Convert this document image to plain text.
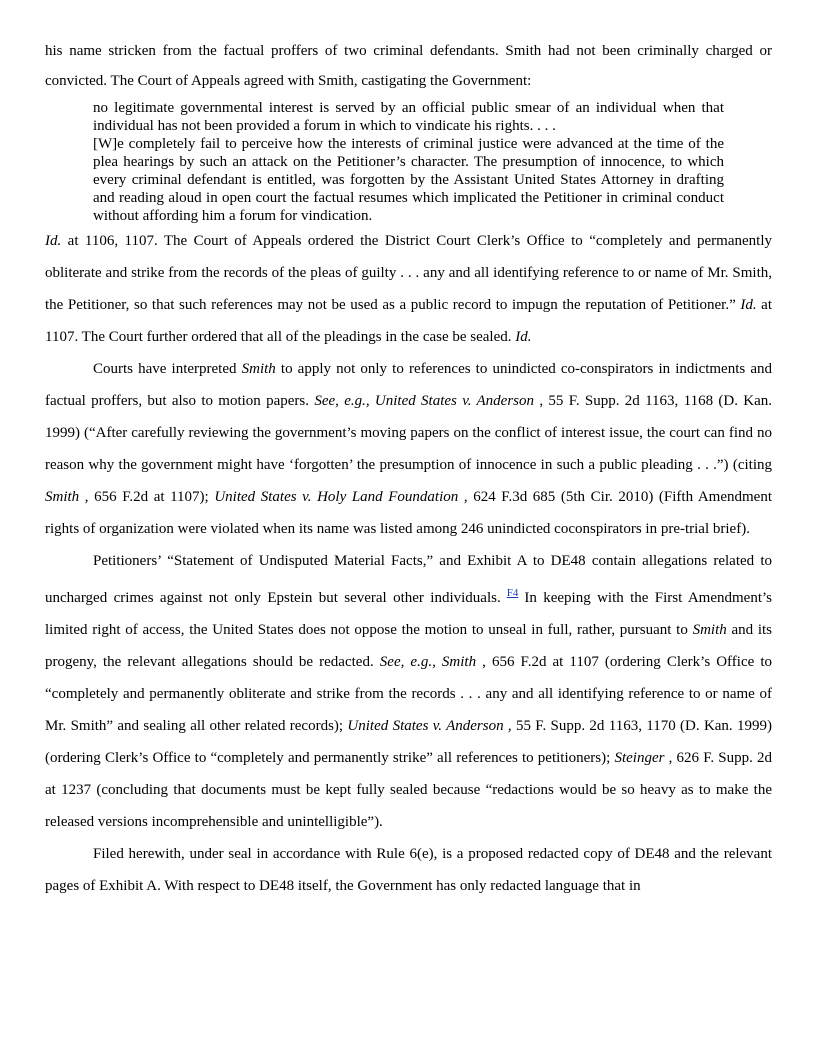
his name stricken from the factual proffers of two criminal defendants. Smith had not been criminally charged or convicted. The Court of Appeals agreed with Smith, castigating the Government:

no legitimate governmental interest is served by an official public smear of an individual when that individual has not been provided a forum in which to vindicate his rights. . . .

[W]e completely fail to perceive how the interests of criminal justice were advanced at the time of the plea hearings by such an attack on the Petitioner’s character. The presumption of innocence, to which every criminal defendant is entitled, was forgotten by the Assistant United States Attorney in drafting and reading aloud in open court the factual resumes which implicated the Petitioner in criminal conduct without affording him a forum for vindication.

Id. at 1106, 1107. The Court of Appeals ordered the District Court Clerk’s Office to “completely and permanently obliterate and strike from the records of the pleas of guilty . . . any and all identifying reference to or name of Mr. Smith, the Petitioner, so that such references may not be used as a public record to impugn the reputation of Petitioner.” Id. at 1107. The Court further ordered that all of the pleadings in the case be sealed. Id.

Courts have interpreted Smith to apply not only to references to unindicted co-conspirators in indictments and factual proffers, but also to motion papers. See, e.g., United States v. Anderson , 55 F. Supp. 2d 1163, 1168 (D. Kan. 1999) (“After carefully reviewing the government’s moving papers on the conflict of interest issue, the court can find no reason why the government might have ‘forgotten’ the presumption of innocence in such a public pleading . . .”) (citing Smith , 656 F.2d at 1107); United States v. Holy Land Foundation , 624 F.3d 685 (5th Cir. 2010) (Fifth Amendment rights of organization were violated when its name was listed among 246 unindicted coconspirators in pre-trial brief).

Petitioners’ “Statement of Undisputed Material Facts,” and Exhibit A to DE48 contain allegations related to uncharged crimes against not only Epstein but several other individuals. $^{F4}$ In keeping with the First Amendment’s limited right of access, the United States does not oppose the motion to unseal in full, rather, pursuant to Smith and its progeny, the relevant allegations should be redacted. See, e.g., Smith , 656 F.2d at 1107 (ordering Clerk’s Office to “completely and permanently obliterate and strike from the records . . . any and all identifying reference to or name of Mr. Smith” and sealing all other related records); United States v. Anderson , 55 F. Supp. 2d 1163, 1170 (D. Kan. 1999) (ordering Clerk’s Office to “completely and permanently strike” all references to petitioners); Steinger , 626 F. Supp. 2d at 1237 (concluding that documents must be kept fully sealed because “redactions would be so heavy as to make the released versions incomprehensible and unintelligible”).

Filed herewith, under seal in accordance with Rule 6(e), is a proposed redacted copy of DE48 and the relevant pages of Exhibit A. With respect to DE48 itself, the Government has only redacted language that in
